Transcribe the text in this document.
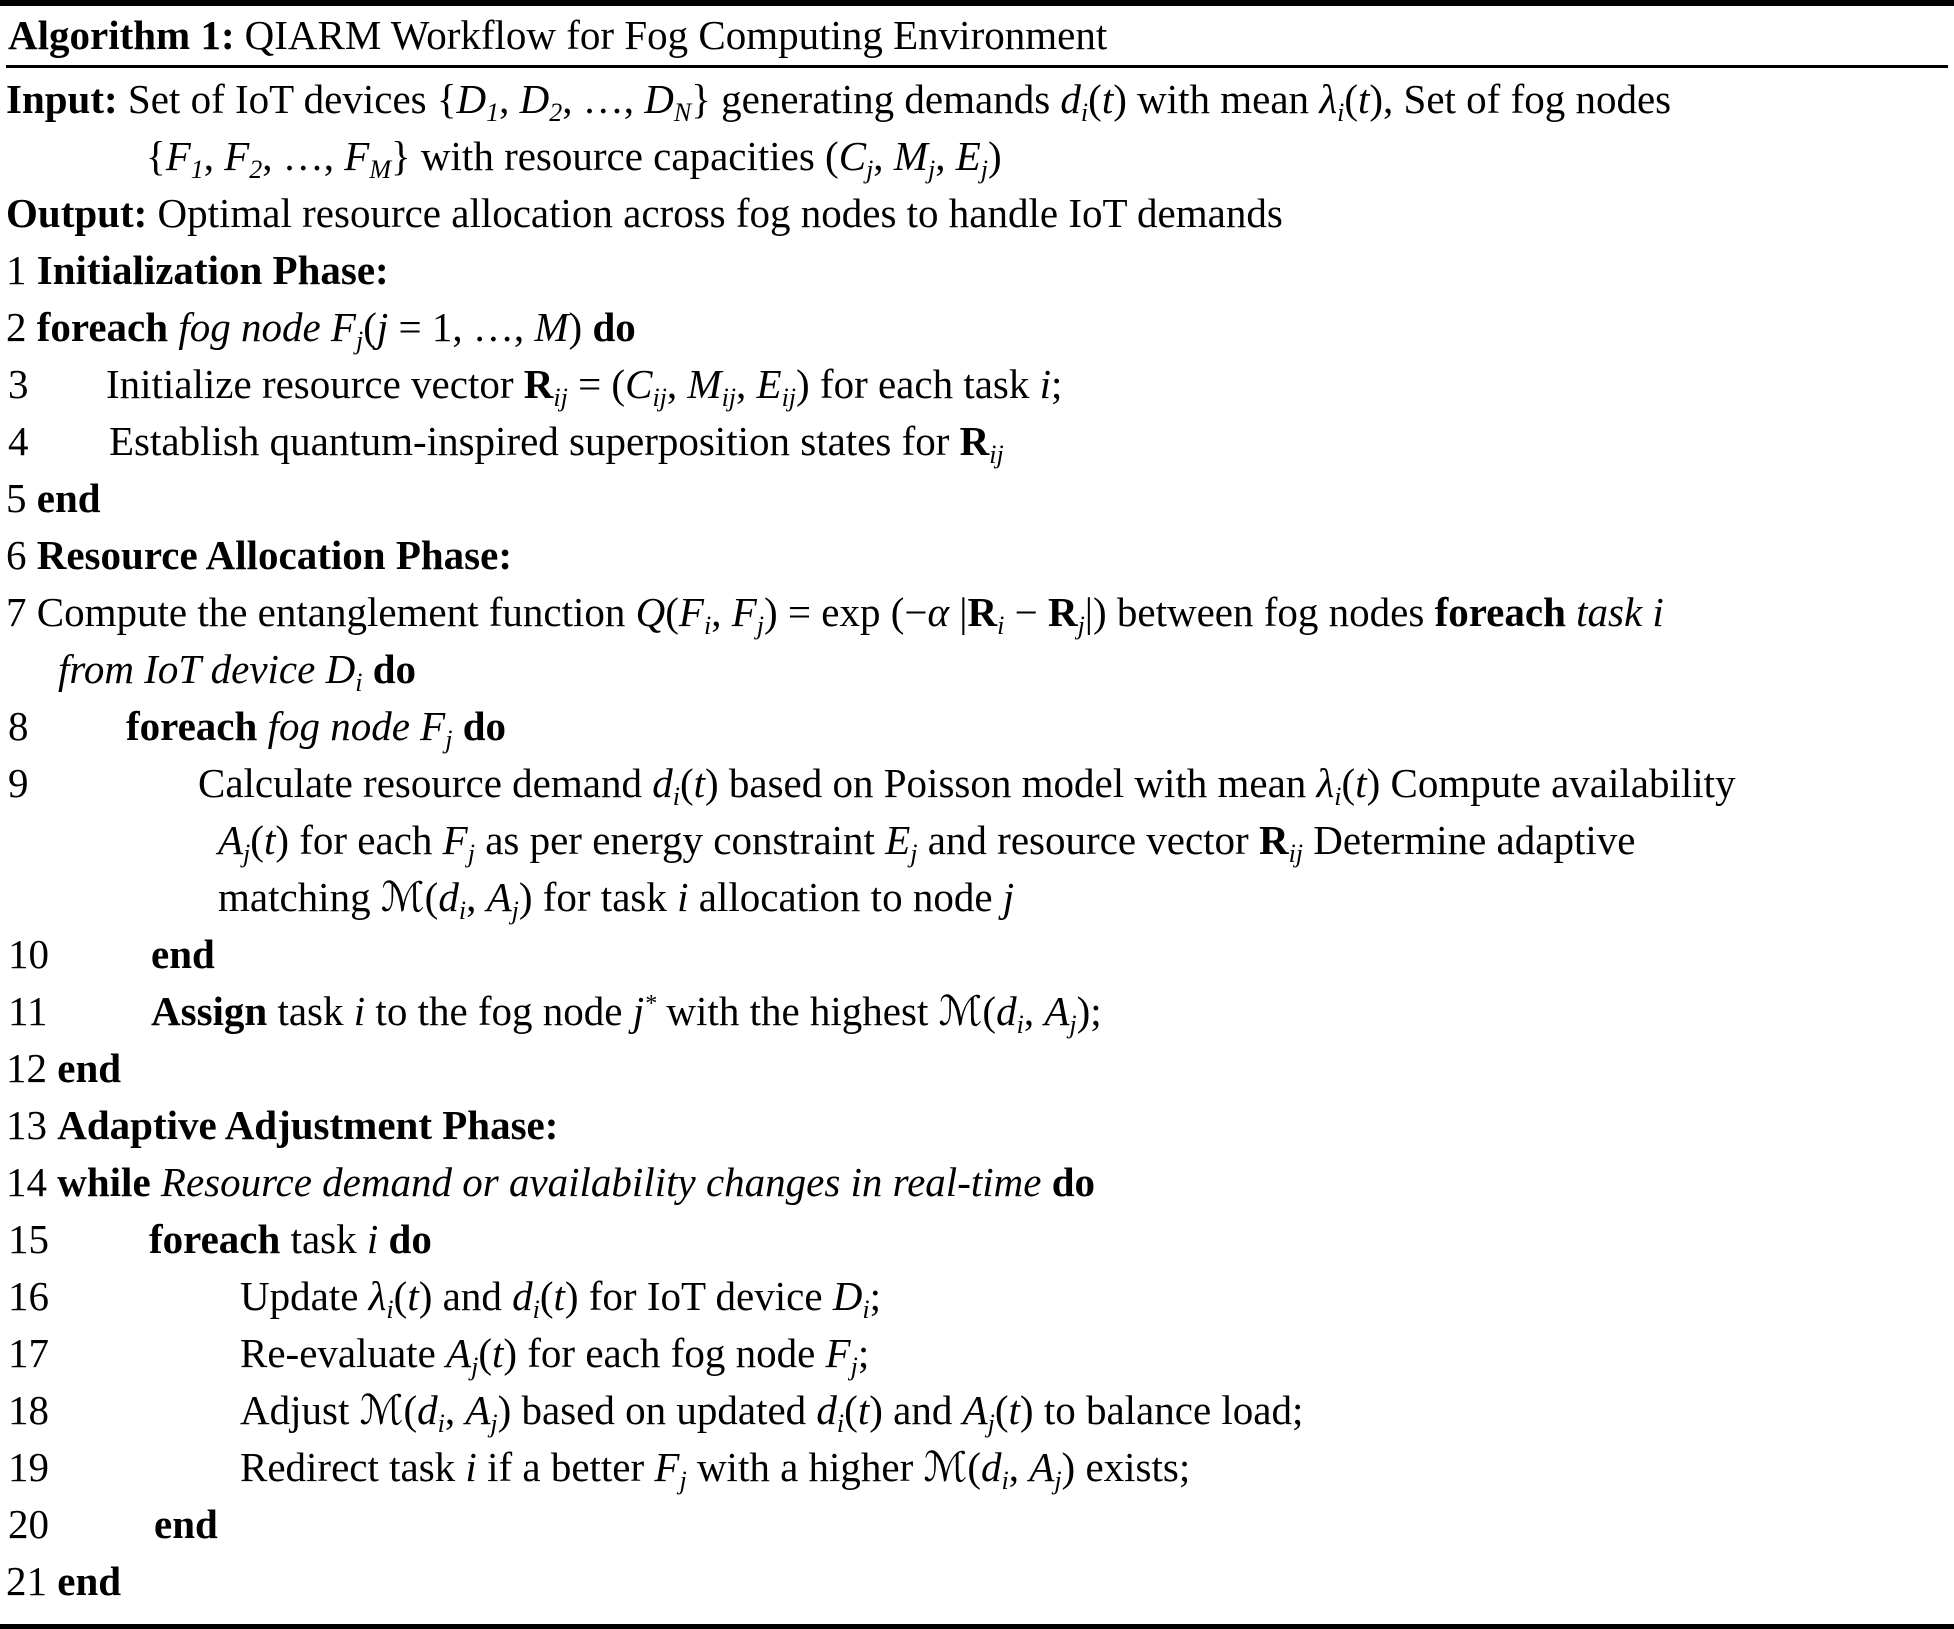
Algorithm 1: QIARM Workflow for Fog Computing Environment
Input: Set of IoT devices {$D_1$, $D_2$, …, $D_N$} generating demands $d_i(t)$ with mean $\lambda_i(t)$, Set of fog nodes
{$F_1$, $F_2$, …, $F_M$} with resource capacities ($C_j$, $M_j$, $E_j$)
Output: Optimal resource allocation across fog nodes to handle IoT demands
1 Initialization Phase:
2 foreach fog node $F_j(j = 1$, …, M) do
3	Initialize resource vector $R_{ij} = (C_{ij}$, $M_{ij}$, $E_{ij}$) for each task i;
4	Establish quantum-inspired superposition states for $R_{ij}$
5 end
6 Resource Allocation Phase:
7 Compute the entanglement function $Q(F_i$, $F_j) = \exp (-\alpha$ $|R_i - R_j|$) between fog nodes foreach task i
from IoT device $D_i$ do
8	foreach fog node $F_j$ do
9	Calculate resource demand $d_i(t)$ based on Poisson model with mean $\lambda_i(t)$ Compute availability
$A_j(t)$ for each $F_j$ as per energy constraint $E_j$ and resource vector $R_{ij}$ Determine adaptive
matching $ℳ(d_i$, $A_j$) for task i allocation to node j
10	end
11	Assign task i to the fog node j* with the highest $ℳ(d_i$, $A_j$);
12 end
13 Adaptive Adjustment Phase:
14 while Resource demand or availability changes in real-time do
15	foreach task i do
16	Update $\lambda_i(t)$ and $d_i(t)$ for IoT device $D_i$;
17	Re-evaluate $A_j(t)$ for each fog node $F_j$;
18	Adjust $ℳ(d_i$, $A_j$) based on updated $d_i(t)$ and $A_j(t)$ to balance load;
19	Redirect task i if a better $F_j$ with a higher $ℳ(d_i$, $A_j$) exists;
20	end
21 end
